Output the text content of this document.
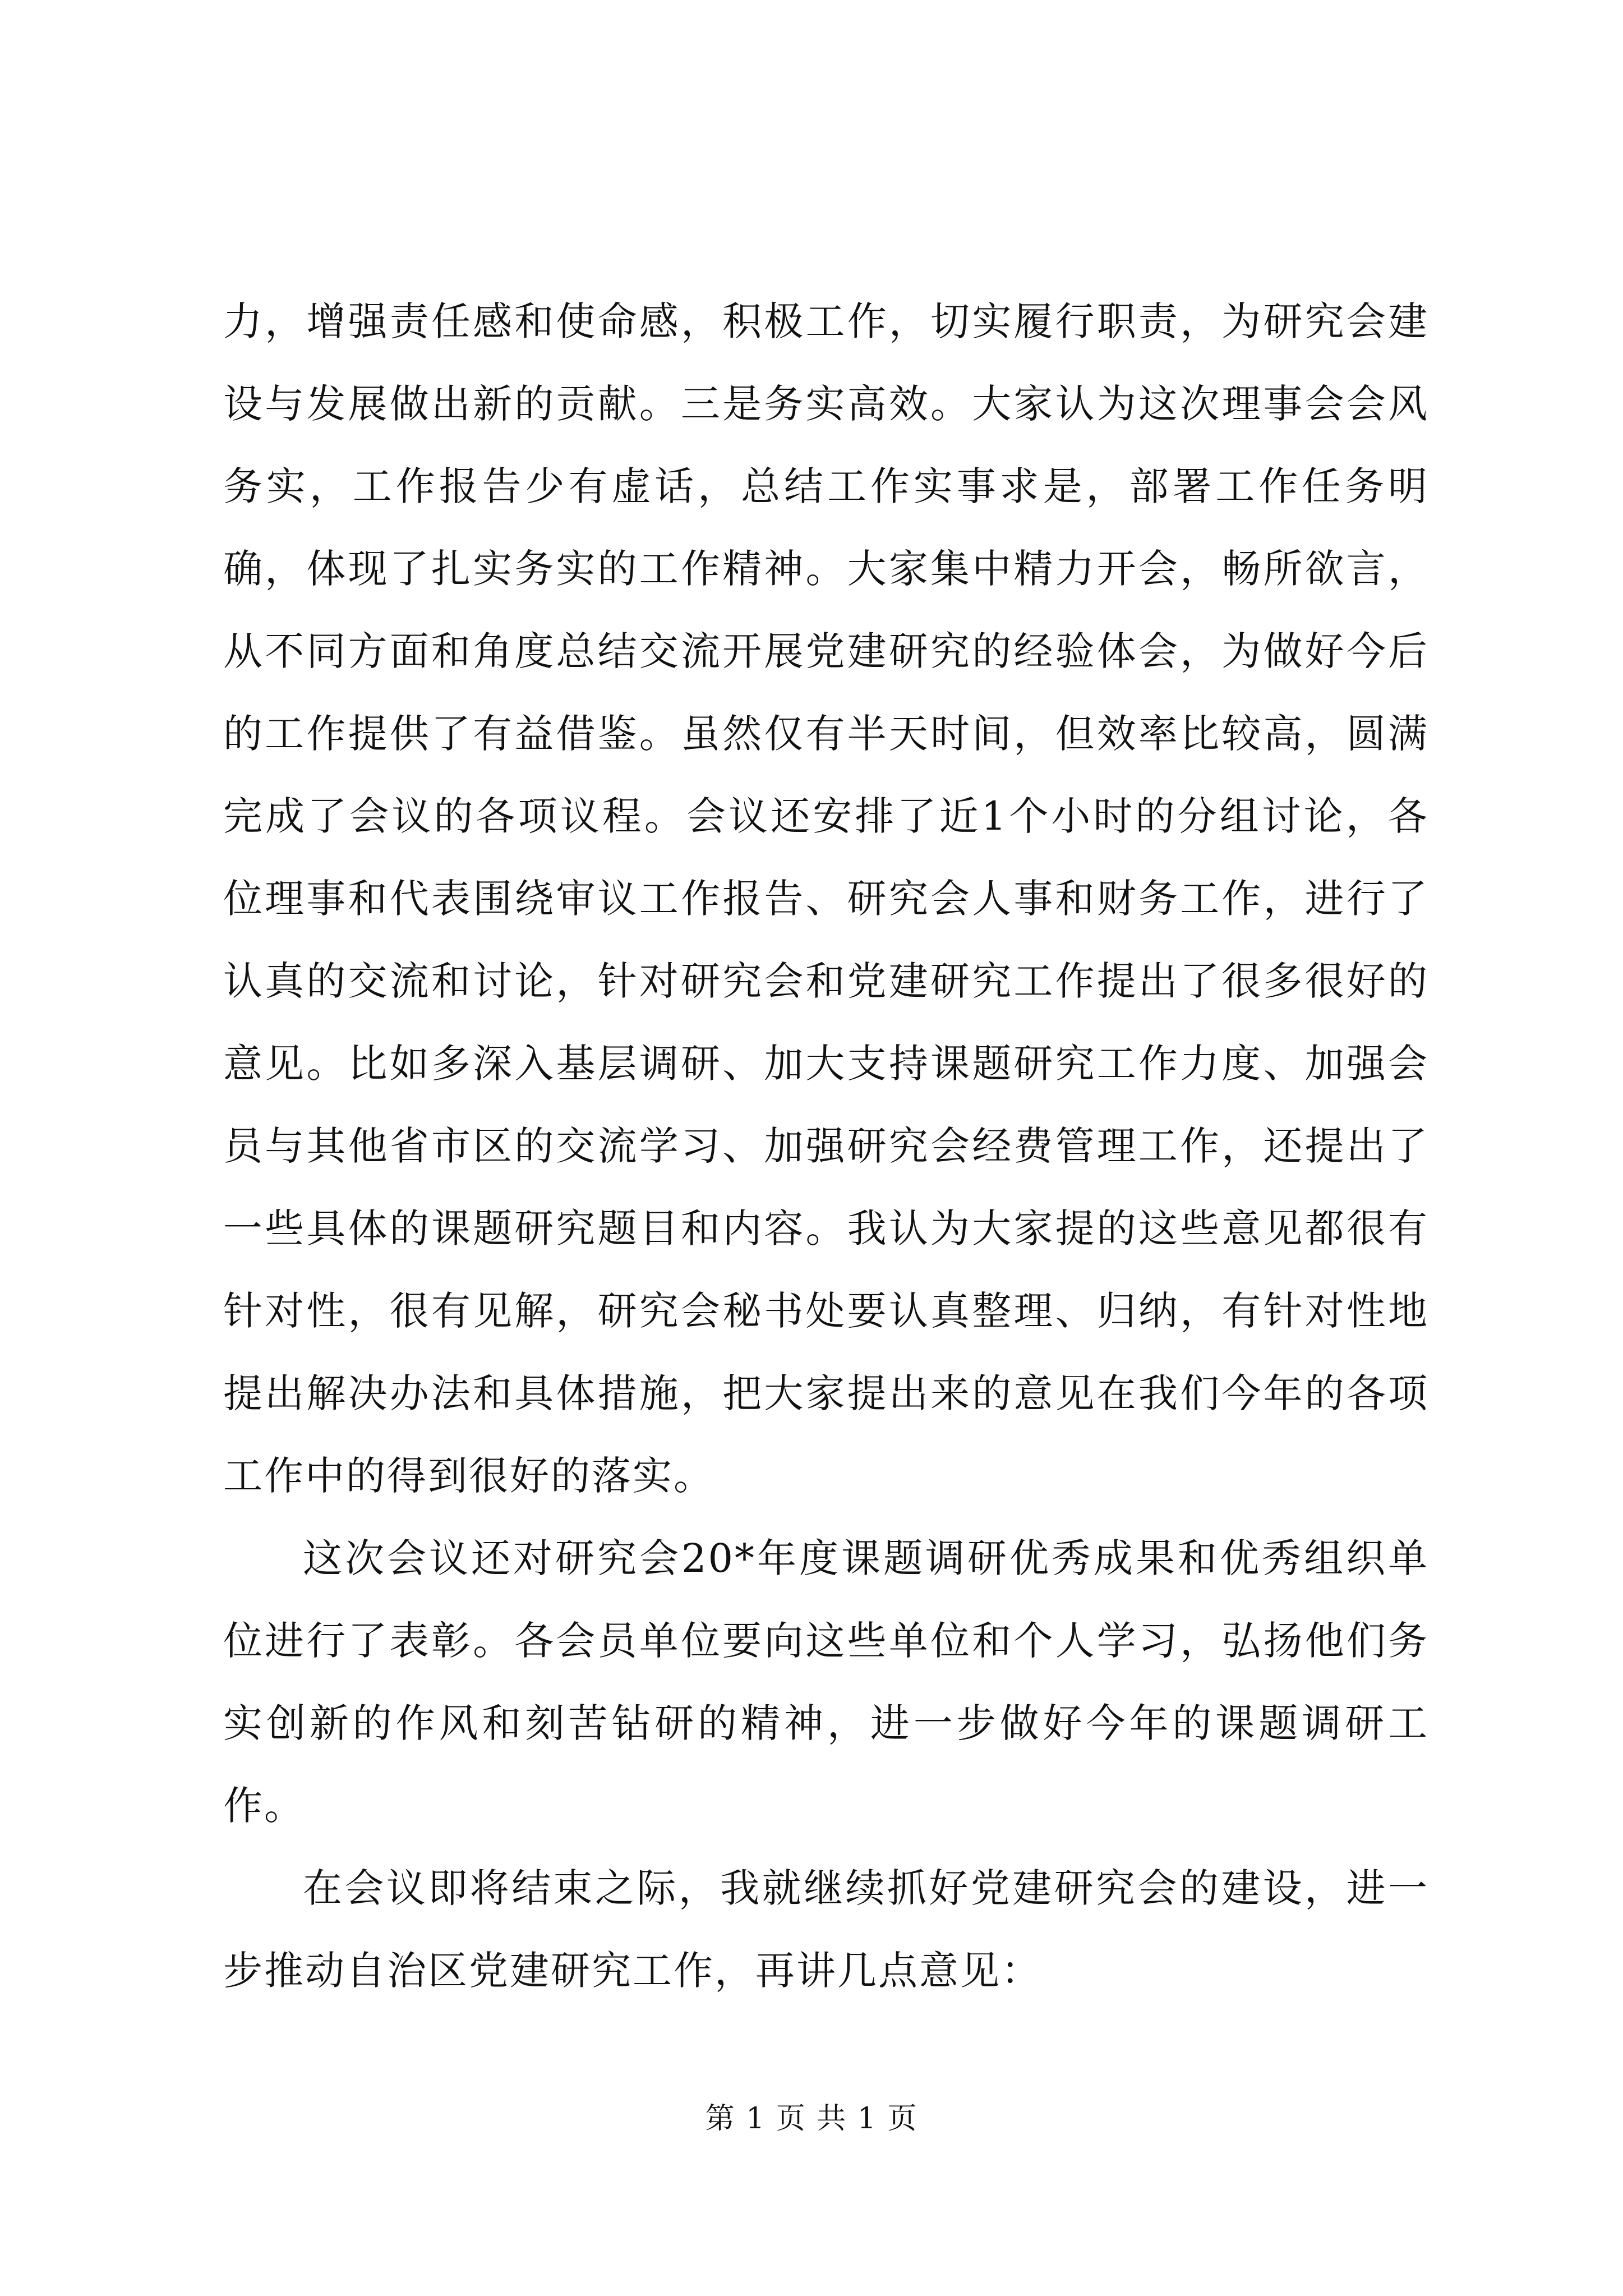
力，增强责任感和使命感，积极工作，切实履行职责，为研究会建设与发展做出新的贡献。三是务实高效。大家认为这次理事会会风务实，工作报告少有虚话，总结工作实事求是，部署工作任务明确，体现了扎实务实的工作精神。大家集中精力开会，畅所欲言，从不同方面和角度总结交流开展党建研究的经验体会，为做好今后的工作提供了有益借鉴。虽然仅有半天时间，但效率比较高，圆满完成了会议的各项议程。会议还安排了近1个小时的分组讨论，各位理事和代表围绕审议工作报告、研究会人事和财务工作，进行了认真的交流和讨论，针对研究会和党建研究工作提出了很多很好的意见。比如多深入基层调研、加大支持课题研究工作力度、加强会员与其他省市区的交流学习、加强研究会经费管理工作，还提出了一些具体的课题研究题目和内容。我认为大家提的这些意见都很有针对性，很有见解，研究会秘书处要认真整理、归纳，有针对性地提出解决办法和具体措施，把大家提出来的意见在我们今年的各项工作中的得到很好的落实。

这次会议还对研究会20*年度课题调研优秀成果和优秀组织单位进行了表彰。各会员单位要向这些单位和个人学习，弘扬他们务实创新的作风和刻苦钻研的精神，进一步做好今年的课题调研工作。

在会议即将结束之际，我就继续抓好党建研究会的建设，进一步推动自治区党建研究工作，再讲几点意见：

第 1 页 共 1 页
